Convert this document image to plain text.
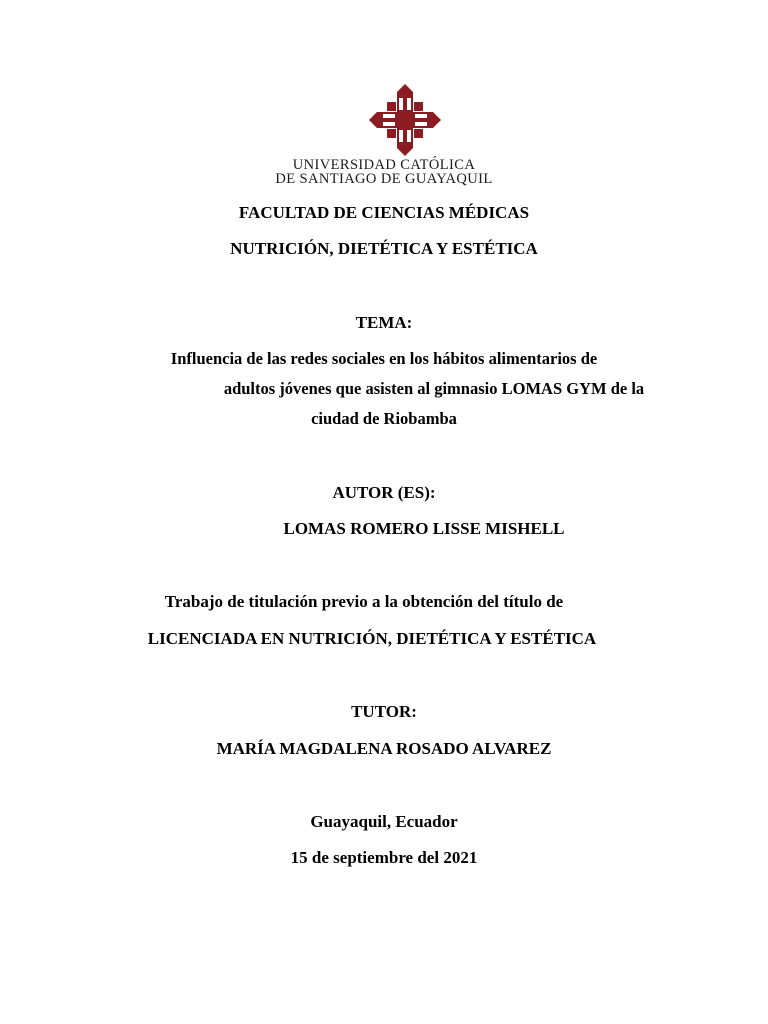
UNIVERSIDAD CATÓLICA
DE SANTIAGO DE GUAYAQUIL
FACULTAD DE CIENCIAS MÉDICAS
NUTRICIÓN, DIETÉTICA Y ESTÉTICA
TEMA:
Influencia de las redes sociales en los hábitos alimentarios de
adultos jóvenes que asisten al gimnasio LOMAS GYM de la
ciudad de Riobamba
AUTOR (ES):
LOMAS ROMERO LISSE MISHELL
Trabajo de titulación previo a la obtención del título de
LICENCIADA EN NUTRICIÓN, DIETÉTICA Y ESTÉTICA
TUTOR:
MARÍA MAGDALENA ROSADO ALVAREZ
Guayaquil, Ecuador
15 de septiembre del 2021
